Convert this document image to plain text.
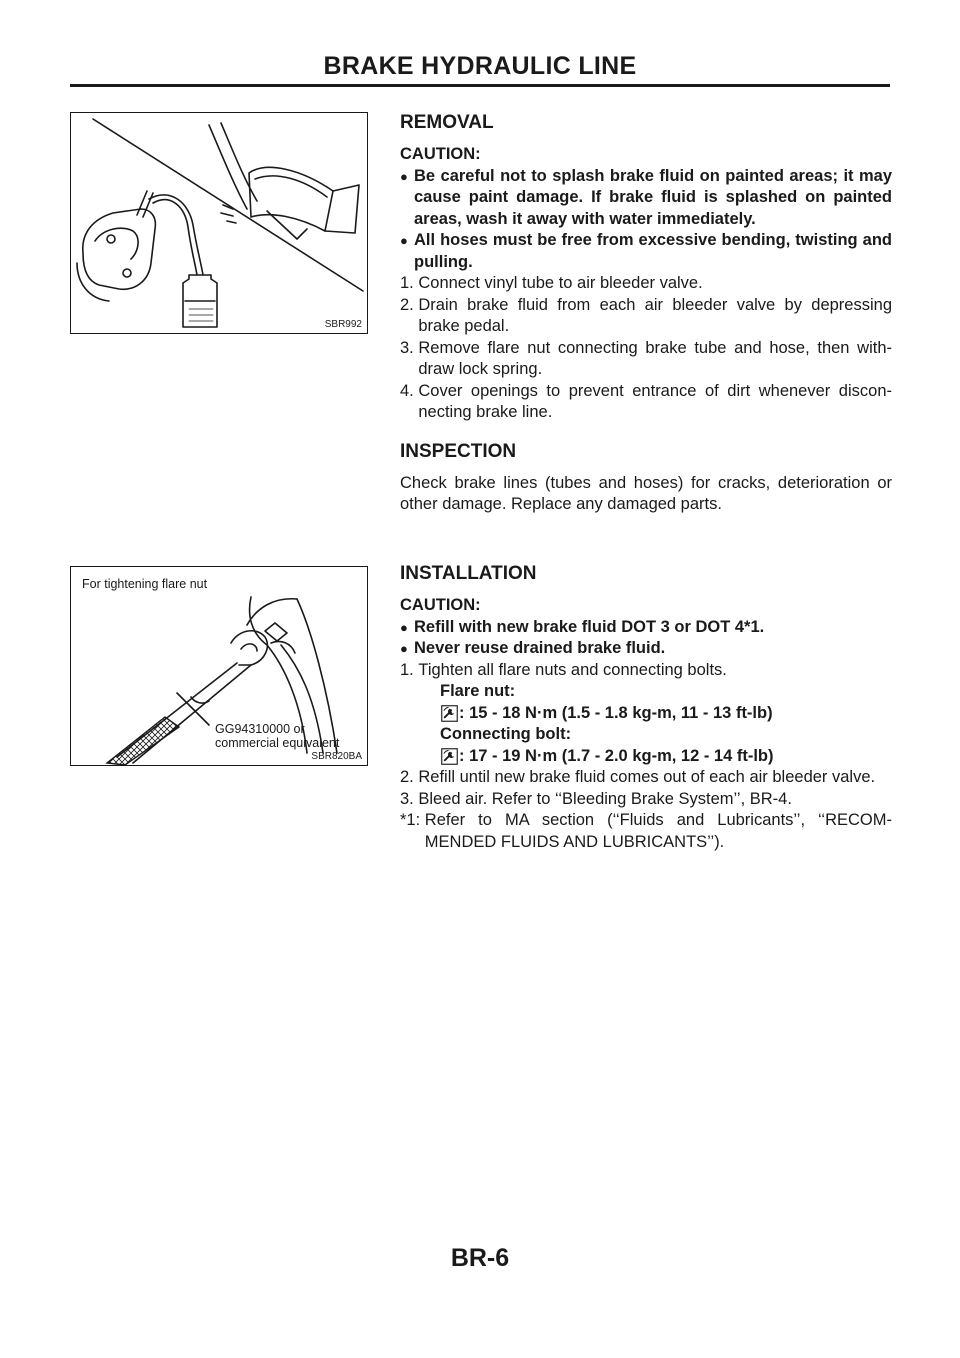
BRAKE HYDRAULIC LINE
SBR992
REMOVAL
CAUTION:
● Be careful not to splash brake fluid on painted areas; it may cause paint damage. If brake fluid is splashed on painted areas, wash it away with water immediately.
● All hoses must be free from excessive bending, twisting and pulling.
1. Connect vinyl tube to air bleeder valve.
2. Drain brake fluid from each air bleeder valve by depressing brake pedal.
3. Remove flare nut connecting brake tube and hose, then with- draw lock spring.
4. Cover openings to prevent entrance of dirt whenever discon- necting brake line.
INSPECTION

Check brake lines (tubes and hoses) for cracks, deterioration or other damage. Replace any damaged parts.

For tightening flare nut
GG94310000 or
commercial equivalent
SBR820BA
INSTALLATION
CAUTION:
● Refill with new brake fluid DOT 3 or DOT 4*1.
● Never reuse drained brake fluid.
1. Tighten all flare nuts and connecting bolts.
Flare nut:
: 15 - 18 N·m (1.5 - 1.8 kg-m, 11 - 13 ft-lb)
Connecting bolt:
: 17 - 19 N·m (1.7 - 2.0 kg-m, 12 - 14 ft-lb)
2. Refill until new brake fluid comes out of each air bleeder valve.
3. Bleed air. Refer to ‘‘Bleeding Brake System’’, BR-4.
*1: Refer to MA section (‘‘Fluids and Lubricants’’, ‘‘RECOM- MENDED FLUIDS AND LUBRICANTS’’).
BR-6
